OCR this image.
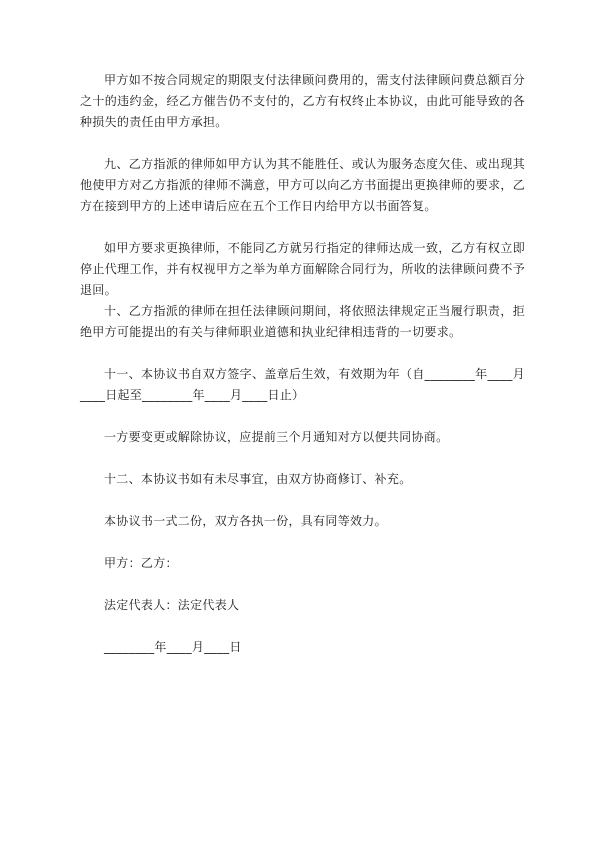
甲方如不按合同规定的期限支付法律顾问费用的，需支付法律顾问费总额百分之十的违约金，经乙方催告仍不支付的，乙方有权终止本协议，由此可能导致的各种损失的责任由甲方承担。

九、乙方指派的律师如甲方认为其不能胜任、或认为服务态度欠佳、或出现其他使甲方对乙方指派的律师不满意，甲方可以向乙方书面提出更换律师的要求，乙方在接到甲方的上述申请后应在五个工作日内给甲方以书面答复。

如甲方要求更换律师，不能同乙方就另行指定的律师达成一致，乙方有权立即停止代理工作，并有权视甲方之举为单方面解除合同行为，所收的法律顾问费不予退回。

十、乙方指派的律师在担任法律顾问期间，将依照法律规定正当履行职责，拒绝甲方可能提出的有关与律师职业道德和执业纪律相违背的一切要求。

十一、本协议书自双方签字、盖章后生效，有效期为年（自________年____月____日起至________年____月____日止）

一方要变更或解除协议，应提前三个月通知对方以便共同协商。

十二、本协议书如有未尽事宜，由双方协商修订、补充。

本协议书一式二份，双方各执一份，具有同等效力。

甲方：乙方：

法定代表人：法定代表人

________年____月____日
